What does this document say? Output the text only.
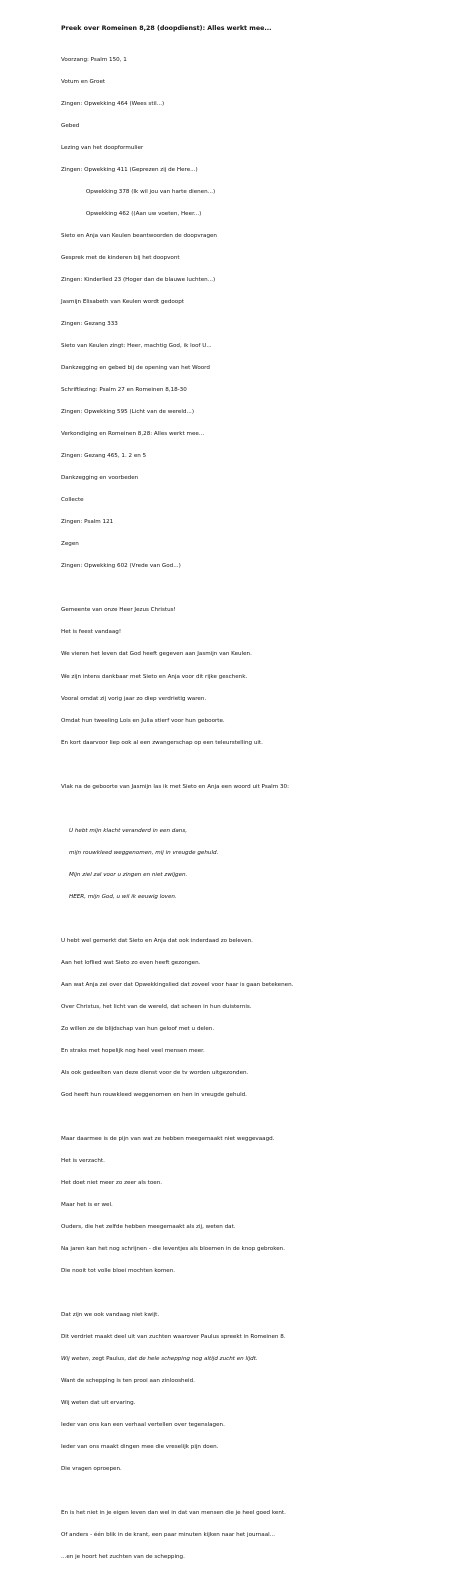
Preek over Romeinen 8,28 (doopdienst): Alles werkt mee...

Voorzang: Psalm 150, 1

Votum en Groet

Zingen: Opwekking 464 (Wees stil...)

Gebed

Lezing van het doopformulier

Zingen: Opwekking 411 (Geprezen zij de Here...)

Opwekking 378 (Ik wil jou van harte dienen...)

Opwekking 462 ((Aan uw voeten, Heer...)

Sieto en Anja van Keulen beantwoorden de doopvragen

Gesprek met de kinderen bij het doopvont

Zingen: Kinderlied 23 (Hoger dan de blauwe luchten...)

Jasmijn Elisabeth van Keulen wordt gedoopt

Zingen: Gezang 333

Sieto van Keulen zingt: Heer, machtig God, ik loof U...

Dankzegging en gebed bij de opening van het Woord

Schriftlezing: Psalm 27 en Romeinen 8,18-30

Zingen: Opwekking 595 (Licht van de wereld...)

Verkondiging en Romeinen 8,28: Alles werkt mee...

Zingen: Gezang 465, 1. 2 en 5

Dankzegging en voorbeden

Collecte

Zingen: Psalm 121

Zegen

Zingen: Opwekking 602 (Vrede van God...)

Gemeente van onze Heer Jezus Christus!

Het is feest vandaag!

We vieren het leven dat God heeft gegeven aan Jasmijn van Keulen.

We zijn intens dankbaar met Sieto en Anja voor dit rijke geschenk.

Vooral omdat zij vorig jaar zo diep verdrietig waren.

Omdat hun tweeling Lois en Julia stierf voor hun geboorte.

En kort daarvoor liep ook al een zwangerschap op een teleurstelling uit.

Vlak na de geboorte van Jasmijn las ik met Sieto en Anja een woord uit Psalm 30:

U hebt mijn klacht veranderd in een dans,

mijn rouwkleed weggenomen, mij in vreugde gehuld.

Mijn ziel zal voor u zingen en niet zwijgen.

HEER, mijn God, u wil ik eeuwig loven.

U hebt wel gemerkt dat Sieto en Anja dat ook inderdaad zo beleven.

Aan het loflied wat Sieto zo even heeft gezongen.

Aan wat Anja zei over dat Opwekkingslied dat zoveel voor haar is gaan betekenen.

Over Christus, het licht van de wereld, dat scheen in hun duisternis.

Zo willen ze de blijdschap van hun geloof met u delen.

En straks met hopelijk nog heel veel mensen meer.

Als ook gedeelten van deze dienst voor de tv worden uitgezonden.

God heeft hun rouwkleed weggenomen en hen in vreugde gehuld.

Maar daarmee is de pijn van wat ze hebben meegemaakt niet weggevaagd.

Het is verzacht.

Het doet niet meer zo zeer als toen.

Maar het is er wel.

Ouders, die het zelfde hebben meegemaakt als zij, weten dat.

Na jaren kan het nog schrijnen - die leventjes als bloemen in de knop gebroken.

Die nooit tot volle bloei mochten komen.

Dat zijn we ook vandaag niet kwijt.

Dit verdriet maakt deel uit van zuchten waarover Paulus spreekt in Romeinen 8.

Wij weten, zegt Paulus, dat de hele schepping nog altijd zucht en lijdt.

Want de schepping is ten prooi aan zinloosheid.

Wij weten dat uit ervaring.

Ieder van ons kan een verhaal vertellen over tegenslagen.

Ieder van ons maakt dingen mee die vreselijk pijn doen.

Die vragen oproepen.

En is het niet in je eigen leven dan wel in dat van mensen die je heel goed kent.

Of anders - één blik in de krant, een paar minuten kijken naar het journaal...

...en je hoort het zuchten van de schepping.
